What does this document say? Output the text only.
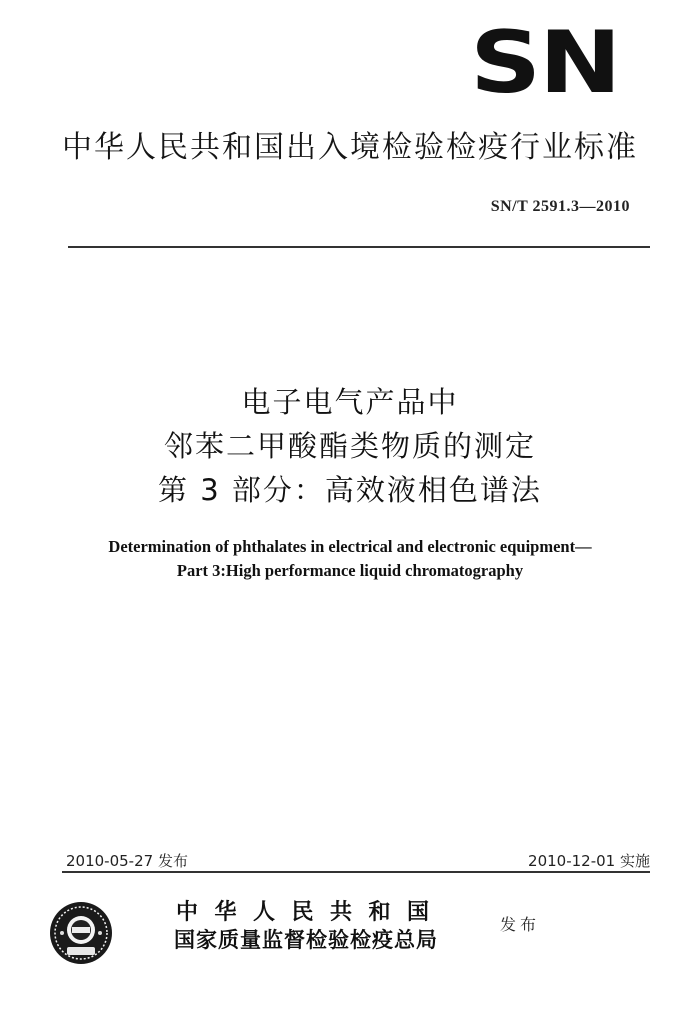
SN
中华人民共和国出入境检验检疫行业标准
SN/T 2591.3—2010
电子电气产品中
邻苯二甲酸酯类物质的测定
第 3 部分：高效液相色谱法
Determination of phthalates in electrical and electronic equipment—
Part 3:High performance liquid chromatography
2010-05-27 发布	2010-12-01 实施
中华人民共和国
国家质量监督检验检疫总局
发布
